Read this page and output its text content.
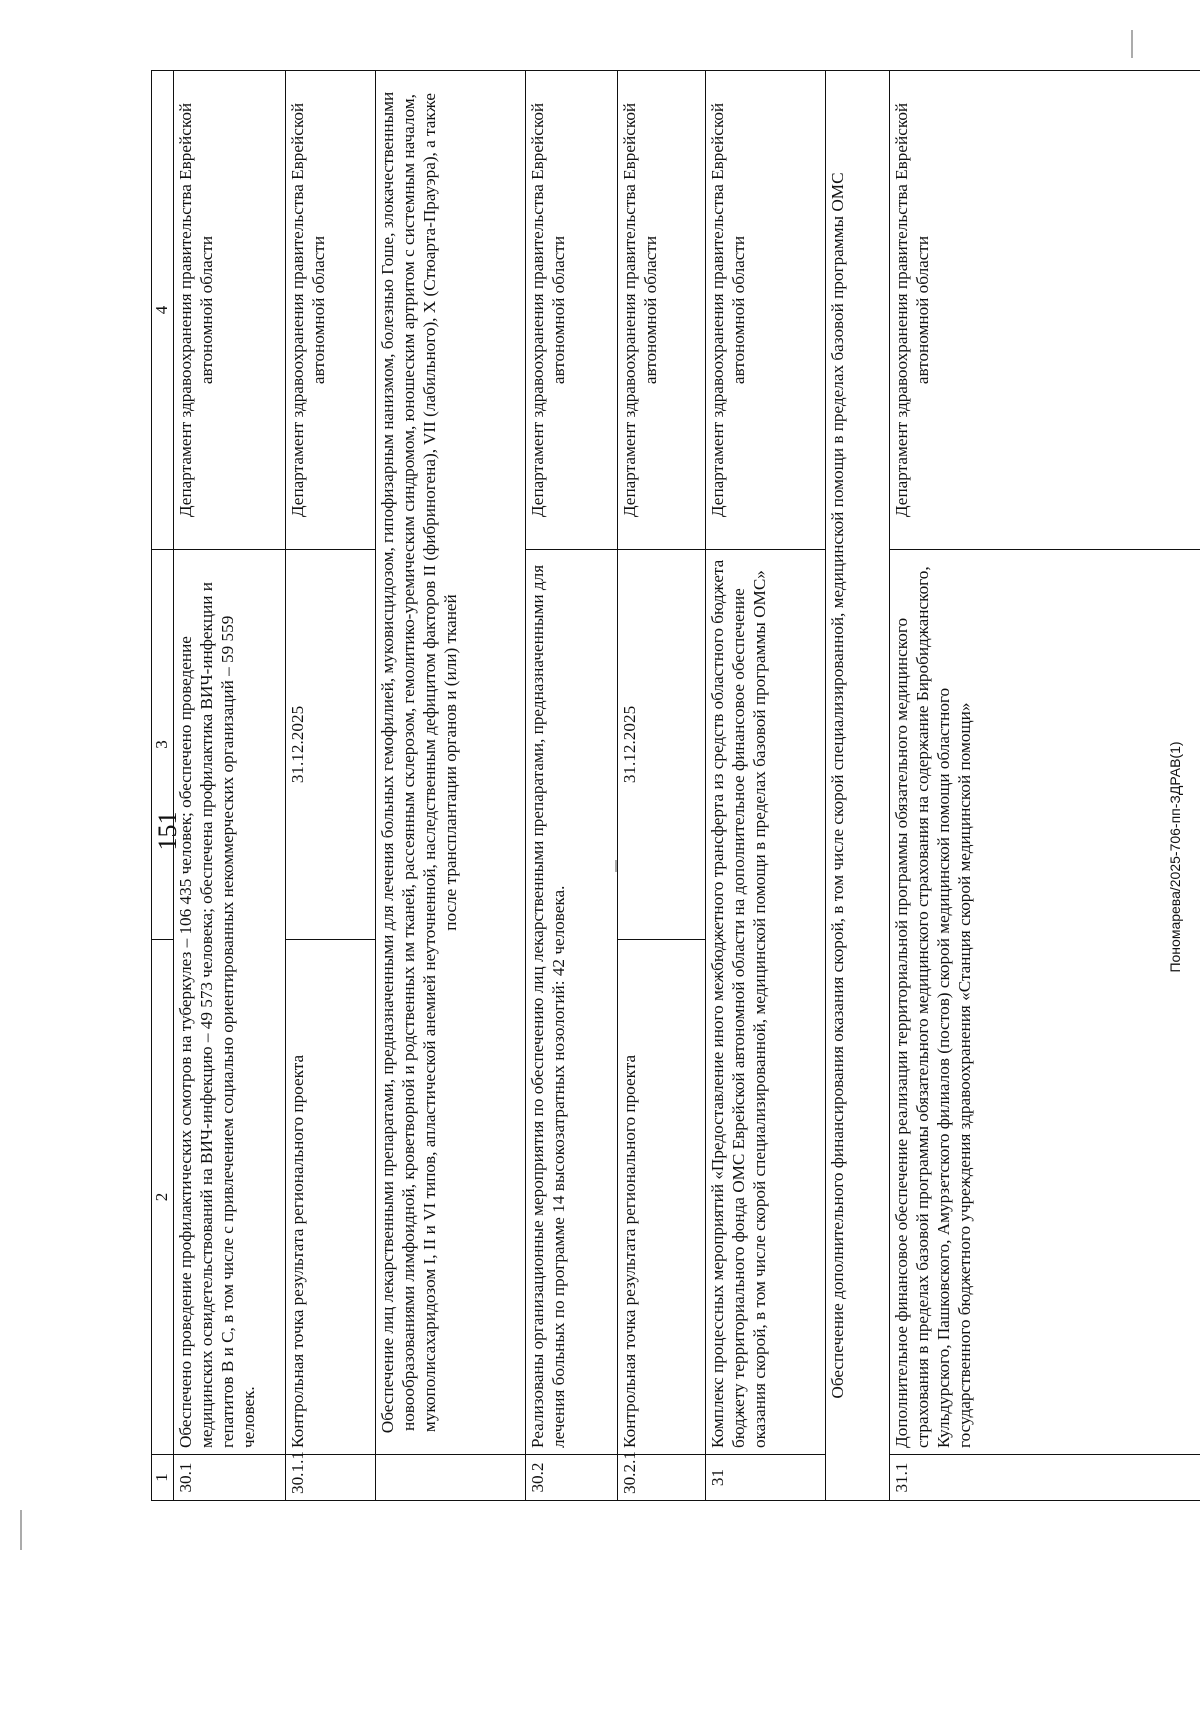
151	Пономарева/2025-706-пп-ЗДРАВ(1)
1	2	3	4
30.1	Обеспечено проведение профилактических осмотров на туберкулез – 106 435 человек; обеспечено проведение медицинских освидетельствований на ВИЧ-инфекцию – 49 573 человека; обеспечена профилактика ВИЧ-инфекции и гепатитов В и С, в том числе с привлечением социально ориентированных некоммерческих организаций – 59 559 человек.		Департамент здравоохранения правительства Еврейской автономной области
30.1.1	Контрольная точка результата регионального проекта	31.12.2025	Департамент здравоохранения правительства Еврейской автономной области
	Обеспечение лиц лекарственными препаратами, предназначенными для лечения больных гемофилией, муковисцидозом, гипофизарным нанизмом, болезнью Гоше, злокачественными новообразованиями лимфоидной, кроветворной и родственных им тканей, рассеянным склерозом, гемолитико-уремическим синдромом, юношеским артритом с системным началом, мукополисахаридозом I, II и VI типов, апластической анемией неуточненной, наследственным дефицитом факторов II (фибриногена), VII (лабильного), X (Стюарта-Прауэра), а также после трансплантации органов и (или) тканей		
30.2	Реализованы организационные мероприятия по обеспечению лиц лекарственными препаратами, предназначенными для лечения больных по программе 14 высокозатратных нозологий: 42 человека.		Департамент здравоохранения правительства Еврейской автономной области
30.2.1	Контрольная точка результата регионального проекта	31.12.2025	Департамент здравоохранения правительства Еврейской автономной области
31	Комплекс процессных мероприятий «Предоставление иного межбюджетного трансферта из средств областного бюджета бюджету территориального фонда ОМС Еврейской автономной области на дополнительное финансовое обеспечение оказания скорой, в том числе скорой специализированной, медицинской помощи в пределах базовой программы ОМС»		Департамент здравоохранения правительства Еврейской автономной области
Обеспечение дополнительного финансирования оказания скорой, в том числе скорой специализированной, медицинской помощи в пределах базовой программы ОМС			
31.1	Дополнительное финансовое обеспечение реализации территориальной программы обязательного медицинского страхования в пределах базовой программы обязательного медицинского страхования на содержание Биробиджанского, Кульдурского, Пашковского, Амурзетского филиалов (постов) скорой медицинской помощи областного государственного бюджетного учреждения здравоохранения «Станция скорой медицинской помощи»		Департамент здравоохранения правительства Еврейской автономной области
